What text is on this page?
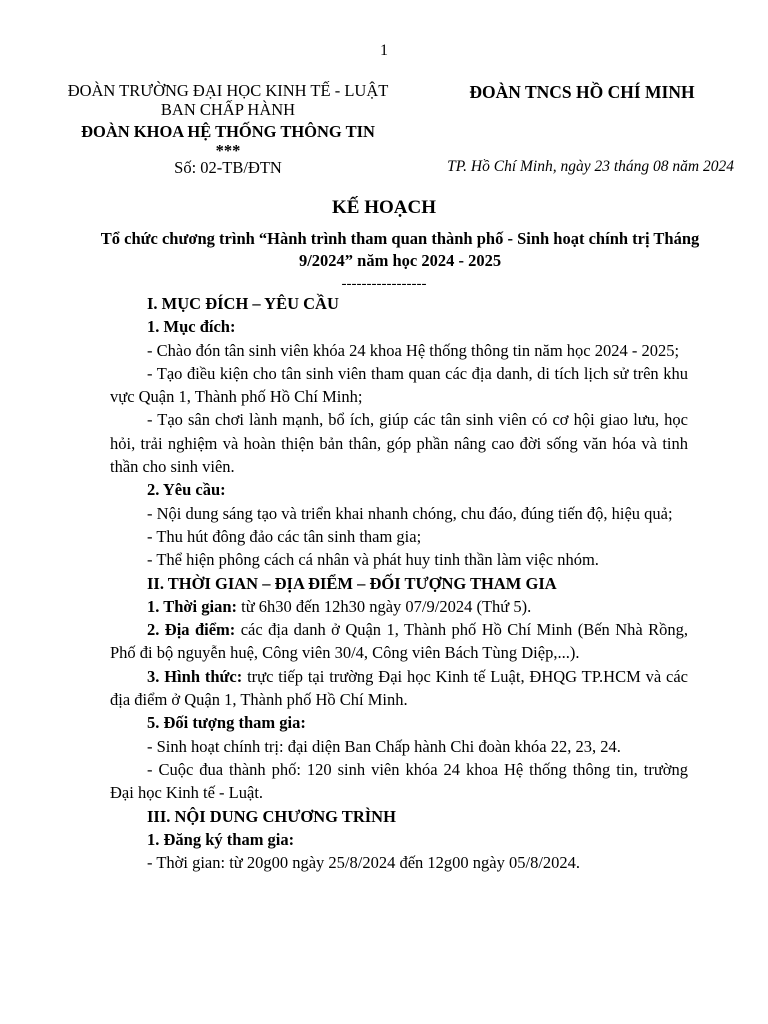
1
ĐOÀN TRƯỜNG ĐẠI HỌC KINH TẾ - LUẬT
BAN CHẤP HÀNH
ĐOÀN KHOA HỆ THỐNG THÔNG TIN
***
ĐOÀN TNCS HỒ CHÍ MINH
Số: 02-TB/ĐTN	TP. Hồ Chí Minh, ngày 23 tháng 08 năm 2024
KẾ HOẠCH
Tổ chức chương trình “Hành trình tham quan thành phố - Sinh hoạt chính trị Tháng 9/2024” năm học 2024 - 2025
-----------------

I. MỤC ĐÍCH – YÊU CẦU

1. Mục đích:

- Chào đón tân sinh viên khóa 24 khoa Hệ thống thông tin năm học 2024 - 2025;

- Tạo điều kiện cho tân sinh viên tham quan các địa danh, di tích lịch sử trên khu vực Quận 1, Thành phố Hồ Chí Minh;

- Tạo sân chơi lành mạnh, bổ ích, giúp các tân sinh viên có cơ hội giao lưu, học hỏi, trải nghiệm và hoàn thiện bản thân, góp phần nâng cao đời sống văn hóa và tinh thần cho sinh viên.

2. Yêu cầu:

- Nội dung sáng tạo và triển khai nhanh chóng, chu đáo, đúng tiến độ, hiệu quả;

- Thu hút đông đảo các tân sinh tham gia;

- Thể hiện phông cách cá nhân và phát huy tinh thần làm việc nhóm.

II. THỜI GIAN – ĐỊA ĐIỂM – ĐỐI TƯỢNG THAM GIA

1. Thời gian: từ 6h30 đến 12h30 ngày 07/9/2024 (Thứ 5).

2. Địa điểm: các địa danh ở Quận 1, Thành phố Hồ Chí Minh (Bến Nhà Rồng, Phố đi bộ nguyễn huệ, Công viên 30/4, Công viên Bách Tùng Diệp,...).

3. Hình thức: trực tiếp tại trường Đại học Kinh tế Luật, ĐHQG TP.HCM và các địa điểm ở Quận 1, Thành phố Hồ Chí Minh.

5. Đối tượng tham gia:

- Sinh hoạt chính trị: đại diện Ban Chấp hành Chi đoàn khóa 22, 23, 24.

- Cuộc đua thành phố: 120 sinh viên khóa 24 khoa Hệ thống thông tin, trường Đại học Kinh tế - Luật.

III. NỘI DUNG CHƯƠNG TRÌNH

1. Đăng ký tham gia:

- Thời gian: từ 20g00 ngày 25/8/2024 đến 12g00 ngày 05/8/2024.
